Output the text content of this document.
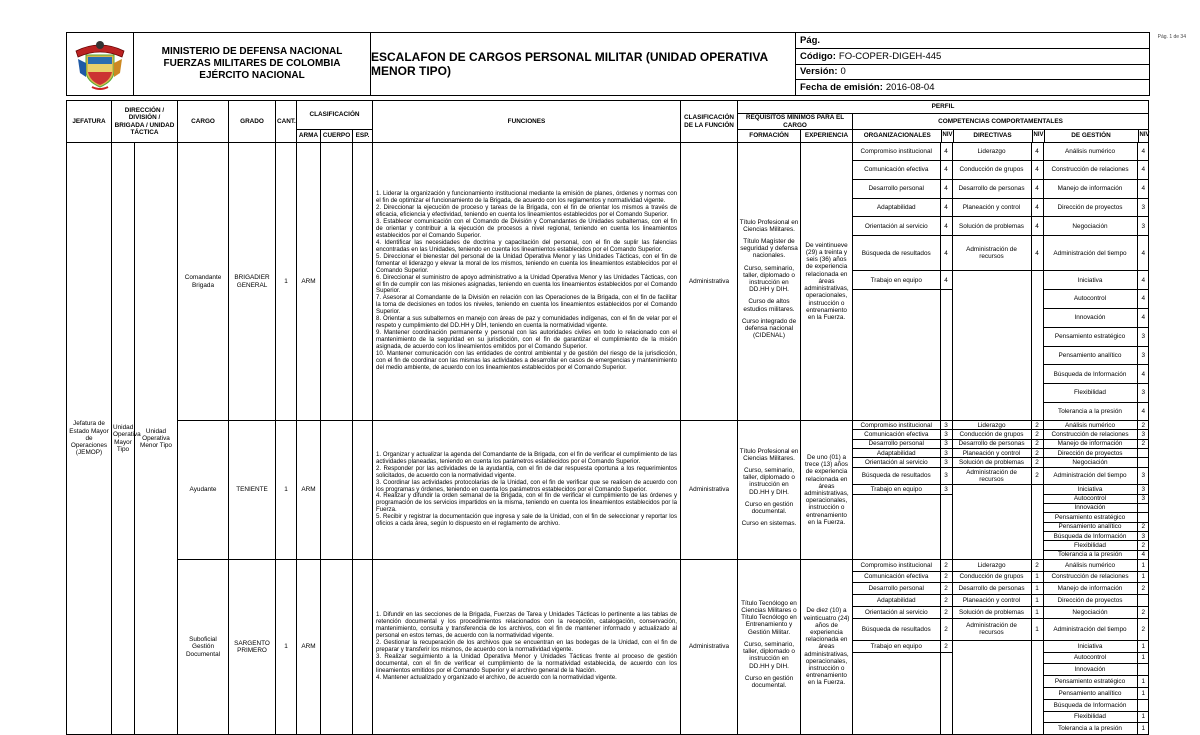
Pág. 1 de 34
MINISTERIO DE DEFENSA NACIONAL
FUERZAS MILITARES DE COLOMBIA
EJÉRCITO NACIONAL
ESCALAFON DE CARGOS PERSONAL MILITAR (UNIDAD OPERATIVA MENOR TIPO)
Pág.
Código: FO-COPER-DIGEH-445
Versión: 0
Fecha de emisión: 2016-08-04
JEFATURA	DIRECCIÓN / DIVISIÓN / BRIGADA / UNIDAD TÁCTICA	CARGO	GRADO	CANT.	CLASIFICACIÓN	FUNCIONES	CLASIFICACIÓN DE LA FUNCIÓN	PERFIL
REQUISITOS MÍNIMOS PARA EL CARGO	COMPETENCIAS COMPORTAMENTALES
ARMA	CUERPO	ESP.	FORMACIÓN	EXPERIENCIA	ORGANIZACIONALES	NIV	DIRECTIVAS	NIV	DE GESTIÓN	NIV

Jefatura de Estado Mayor de Operaciones (JEMOP)	Unidad Operativa Mayor Tipo	Unidad Operativa Menor Tipo	Comandante Brigada	BRIGADIER GENERAL	1	ARM			

1. Liderar la organización y funcionamiento institucional mediante la emisión de planes, órdenes y normas con el fin de optimizar el funcionamiento de la Brigada, de acuerdo con los reglamentos y normatividad vigente.

2. Direccionar la ejecución de proceso y tareas de la Brigada, con el fin de orientar los mismos a través de eficacia, eficiencia y efectividad, teniendo en cuenta los lineamientos establecidos por el Comando Superior.

3. Establecer comunicación con el Comando de División y Comandantes de Unidades subalternas, con el fin de orientar y contribuir a la ejecución de procesos a nivel regional, teniendo en cuenta los lineamientos establecidos por el Comando Superior.

4. Identificar las necesidades de doctrina y capacitación del personal, con el fin de suplir las falencias encontradas en las Unidades, teniendo en cuenta los lineamientos establecidos por el Comando Superior.

5. Direccionar el bienestar del personal de la Unidad Operativa Menor y las Unidades Tácticas, con el fin de fomentar el liderazgo y elevar la moral de los mismos, teniendo en cuenta los lineamientos establecidos por el Comando Superior.

6. Direccionar el suministro de apoyo administrativo a la Unidad Operativa Menor y las Unidades Tácticas, con el fin de cumplir con las misiones asignadas, teniendo en cuenta los lineamientos establecidos por el Comando Superior.

7. Asesorar al Comandante de la División en relación con las Operaciones de la Brigada, con el fin de facilitar la toma de decisiones en todos los niveles, teniendo en cuenta los lineamientos establecidos por el Comando Superior.

8. Orientar a sus subalternos en manejo con áreas de paz y comunidades indígenas, con el fin de velar por el respeto y cumplimiento del DD.HH y DIH, teniendo en cuenta la normatividad vigente.

9. Mantener coordinación permanente y personal con las autoridades civiles en todo lo relacionado con el mantenimiento de la seguridad en su jurisdicción, con el fin de garantizar el cumplimiento de la misión asignada, de acuerdo con los lineamientos emitidos por el Comando Superior.

10. Mantener comunicación con las entidades de control ambiental y de gestión del riesgo de la jurisdicción, con el fin de coordinar con las mismas las actividades a desarrollar en casos de emergencias y mantenimiento del medio ambiente, de acuerdo con los lineamientos establecidos por el Comando Superior.

	Administrativa	
Título Profesional en Ciencias Militares.
Título Magíster de seguridad y defensa nacionales.
Curso, seminario, taller, diplomado o instrucción en DD.HH y DIH.
Curso de altos estudios militares.
Curso integrado de defensa nacional (CIDENAL)
	De veintinueve (29) a treinta y seis (36) años de experiencia relacionada en áreas administrativas, operacionales, instrucción o entrenamiento en la Fuerza.	
Compromiso institucional	4	Liderazgo	4	Análisis numérico	4
Comunicación efectiva	4	Conducción de grupos	4	Construcción de relaciones	4
Desarrollo personal	4	Desarrollo de personas	4	Manejo de información	4
Adaptabilidad	4	Planeación y control	4	Dirección de proyectos	3
Orientación al servicio	4	Solución de problemas	4	Negociación	3
Búsqueda de resultados	4	Administración de recursos	4	Administración del tiempo	4
Trabajo en equipo	4			Iniciativa	4
				Autocontrol	4
				Innovación	4
				Pensamiento estratégico	3
				Pensamiento analítico	3
				Búsqueda de Información	4
				Flexibilidad	3
				Tolerancia a la presión	4

Ayudante	TENIENTE	1	ARM			

1. Organizar y actualizar la agenda del Comandante de la Brigada, con el fin de verificar el cumplimiento de las actividades planeadas, teniendo en cuenta los parámetros establecidos por el Comando Superior.

2. Responder por las actividades de la ayudantía, con el fin de dar respuesta oportuna a los requerimientos solicitados, de acuerdo con la normatividad vigente.

3. Coordinar las actividades protocolarias de la Unidad, con el fin de verificar que se realicen de acuerdo con los programas y órdenes, teniendo en cuenta los parámetros establecidos por el Comando Superior.

4. Realizar y difundir la orden semanal de la Brigada, con el fin de verificar el cumplimiento de las órdenes y programación de los servicios impartidos en la misma, teniendo en cuenta los lineamientos establecidos por la Fuerza.

5. Recibir y registrar la documentación que ingresa y sale de la Unidad, con el fin de seleccionar y reportar los oficios a cada área, según lo dispuesto en el reglamento de archivo.

	Administrativa	
Título Profesional en Ciencias Militares.
Curso, seminario, taller, diplomado o instrucción en DD.HH y DIH.
Curso en gestión documental.
Curso en sistemas.
	De uno (01) a trece (13) años de experiencia relacionada en áreas administrativas, operacionales, instrucción o entrenamiento en la Fuerza.	
Compromiso institucional	3	Liderazgo	2	Análisis numérico	2
Comunicación efectiva	3	Conducción de grupos	2	Construcción de relaciones	3
Desarrollo personal	3	Desarrollo de personas	2	Manejo de información	2
Adaptabilidad	3	Planeación y control	2	Dirección de proyectos	
Orientación al servicio	3	Solución de problemas	2	Negociación	
Búsqueda de resultados	3	Administración de recursos	2	Administración del tiempo	3
Trabajo en equipo	3			Iniciativa	3
				Autocontrol	3
				Innovación	
				Pensamiento estratégico	
				Pensamiento analítico	2
				Búsqueda de Información	3
				Flexibilidad	2
				Tolerancia a la presión	4

Suboficial Gestión Documental	SARGENTO PRIMERO	1	ARM			

1. Difundir en las secciones de la Brigada, Fuerzas de Tarea y Unidades Tácticas lo pertinente a las tablas de retención documental y los procedimientos relacionados con la recepción, catalogación, conservación, mantenimiento, consulta y transferencia de los archivos, con el fin de mantener informado y actualizado al personal en estos temas, de acuerdo con la normatividad vigente.

2. Gestionar la recuperación de los archivos que se encuentran en las bodegas de la Unidad, con el fin de preparar y transferir los mismos, de acuerdo con la normatividad vigente.

3. Realizar seguimiento a la Unidad Operativa Menor y Unidades Tácticas frente al proceso de gestión documental, con el fin de verificar el cumplimiento de la normatividad establecida, de acuerdo con los lineamientos emitidos por el Comando Superior y el archivo general de la Nación.

4. Mantener actualizado y organizado el archivo, de acuerdo con la normatividad vigente.

	Administrativa	
Título Tecnólogo en Ciencias Militares o Título Tecnólogo en Entrenamiento y Gestión Militar.
Curso, seminario, taller, diplomado o instrucción en DD.HH y DIH.
Curso en gestión documental.
	De diez (10) a veinticuatro (24) años de experiencia relacionada en áreas administrativas, operacionales, instrucción o entrenamiento en la Fuerza.	
Compromiso institucional	2	Liderazgo	2	Análisis numérico	1
Comunicación efectiva	2	Conducción de grupos	1	Construcción de relaciones	1
Desarrollo personal	2	Desarrollo de personas	1	Manejo de información	2
Adaptabilidad	2	Planeación y control	1	Dirección de proyectos	
Orientación al servicio	2	Solución de problemas	1	Negociación	2
Búsqueda de resultados	2	Administración de recursos	1	Administración del tiempo	2
Trabajo en equipo	2			Iniciativa	1
				Autocontrol	1
				Innovación	
				Pensamiento estratégico	1
				Pensamiento analítico	1
				Búsqueda de Información	
				Flexibilidad	1
				Tolerancia a la presión	1
